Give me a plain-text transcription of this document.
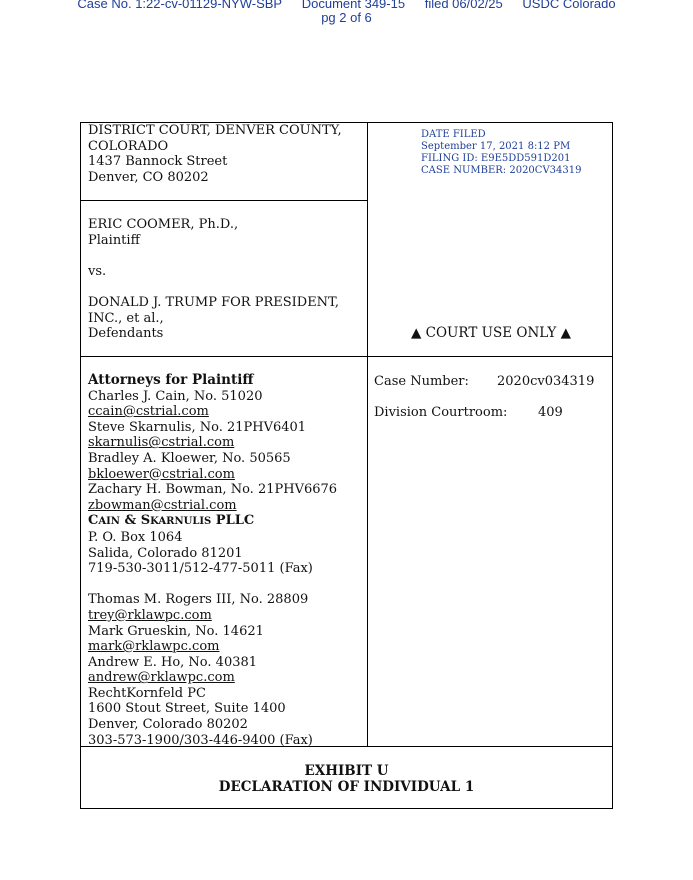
Case No. 1:22-cv-01129-NYW-SBP Document 349-15 filed 06/02/25 USDC Colorado
pg 2 of 6
DISTRICT COURT, DENVER COUNTY,
COLORADO
1437 Bannock Street
Denver, CO 80202
DATE FILED
September 17, 2021 8:12 PM
FILING ID: E9E5DD591D201
CASE NUMBER: 2020CV34319
ERIC COOMER, Ph.D.,
Plaintiff
vs.
DONALD J. TRUMP FOR PRESIDENT,
INC., et al.,
Defendants	▲ COURT USE ONLY ▲
Attorneys for Plaintiff
Charles J. Cain, No. 51020
ccain@cstrial.com
Steve Skarnulis, No. 21PHV6401
skarnulis@cstrial.com
Bradley A. Kloewer, No. 50565
bkloewer@cstrial.com
Zachary H. Bowman, No. 21PHV6676
zbowman@cstrial.com
CAIN & SKARNULIS PLLC
P. O. Box 1064
Salida, Colorado 81201
719-530-3011/512-477-5011 (Fax)
Thomas M. Rogers III, No. 28809
trey@rklawpc.com
Mark Grueskin, No. 14621
mark@rklawpc.com
Andrew E. Ho, No. 40381
andrew@rklawpc.com
RechtKornfeld PC
1600 Stout Street, Suite 1400
Denver, Colorado 80202
303-573-1900/303-446-9400 (Fax)
Case Number: 2020cv034319
Division Courtroom: 409
EXHIBIT U
DECLARATION OF INDIVIDUAL 1
